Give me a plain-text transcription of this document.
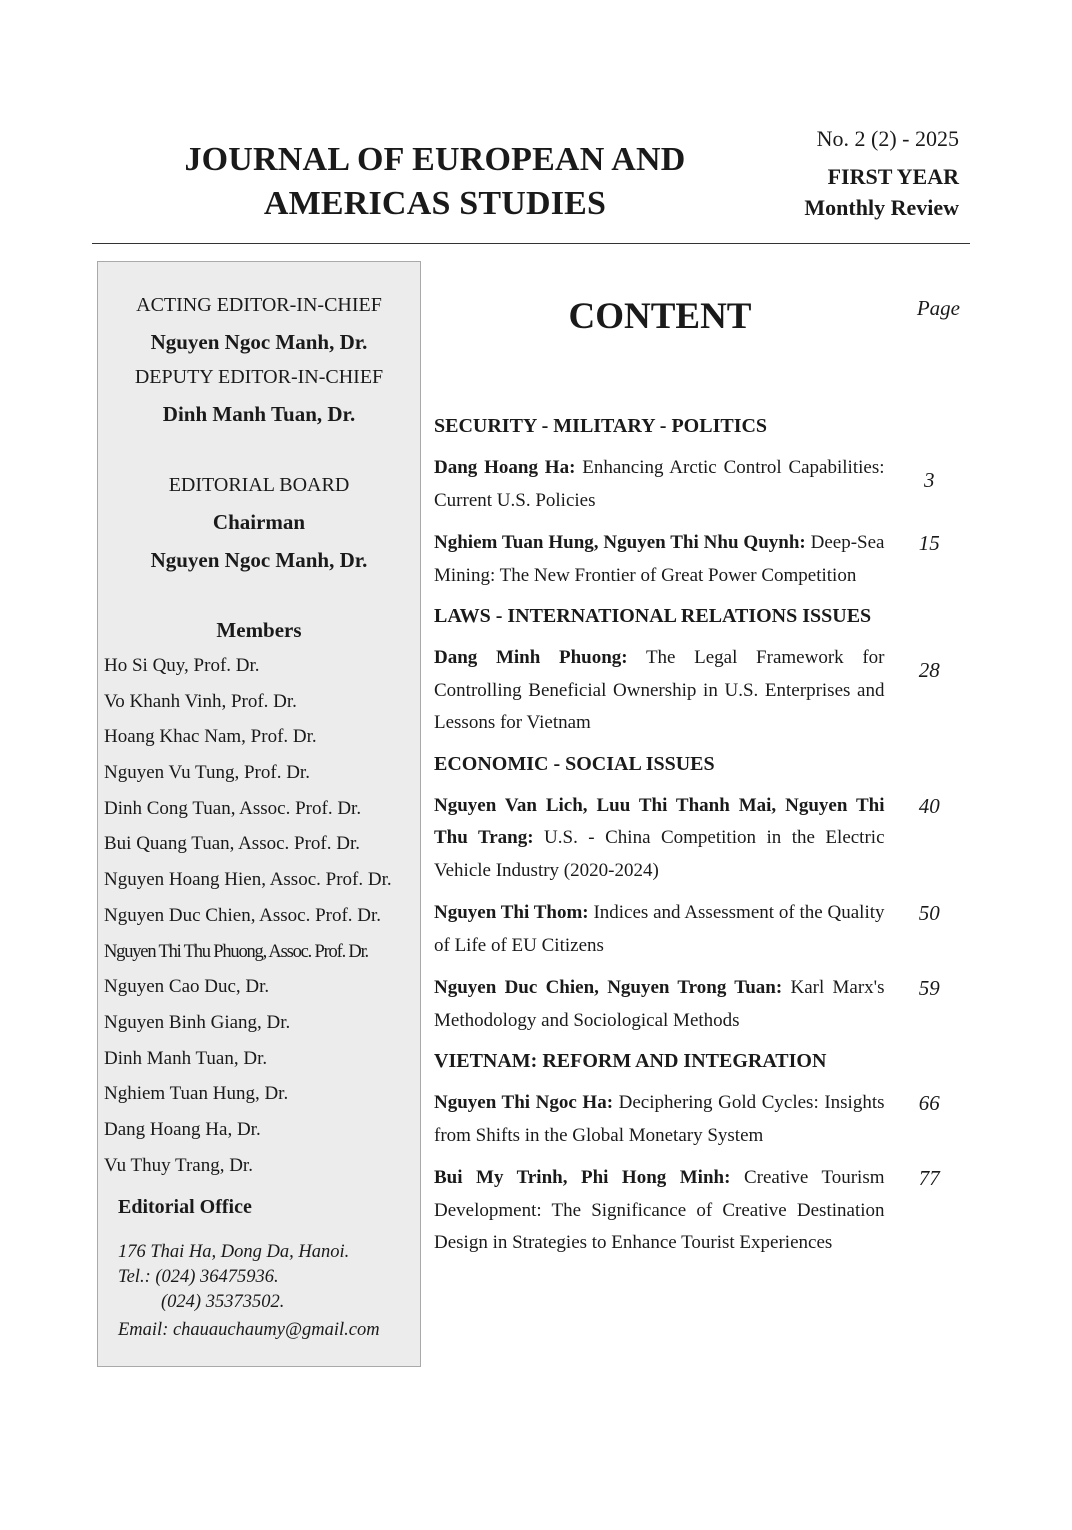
JOURNAL OF EUROPEAN AND
AMERICAS STUDIES
No. 2 (2) - 2025
FIRST YEAR
Monthly Review
ACTING EDITOR-IN-CHIEF
Nguyen Ngoc Manh, Dr.
DEPUTY EDITOR-IN-CHIEF
Dinh Manh Tuan, Dr.
EDITORIAL BOARD
Chairman
Nguyen Ngoc Manh, Dr.
Members
Ho Si Quy, Prof. Dr.
Vo Khanh Vinh, Prof. Dr.
Hoang Khac Nam, Prof. Dr.
Nguyen Vu Tung, Prof. Dr.
Dinh Cong Tuan, Assoc. Prof. Dr.
Bui Quang Tuan, Assoc. Prof. Dr.
Nguyen Hoang Hien, Assoc. Prof. Dr.
Nguyen Duc Chien, Assoc. Prof. Dr.
Nguyen Thi Thu Phuong, Assoc. Prof. Dr.
Nguyen Cao Duc, Dr.
Nguyen Binh Giang, Dr.
Dinh Manh Tuan, Dr.
Nghiem Tuan Hung, Dr.
Dang Hoang Ha, Dr.
Vu Thuy Trang, Dr.
Editorial Office
176 Thai Ha, Dong Da, Hanoi.
Tel.: (024) 36475936.
(024) 35373502.
Email: chauauchaumy@gmail.com
CONTENT	Page
SECURITY - MILITARY - POLITICS
Dang Hoang Ha: Enhancing Arctic Control Capabilities: Current U.S. Policies
3
Nghiem Tuan Hung, Nguyen Thi Nhu Quynh: Deep-Sea Mining: The New Frontier of Great Power Competition
15
LAWS - INTERNATIONAL RELATIONS ISSUES
Dang Minh Phuong: The Legal Framework for Controlling Beneficial Ownership in U.S. Enterprises and Lessons for Vietnam
28
ECONOMIC - SOCIAL ISSUES
Nguyen Van Lich, Luu Thi Thanh Mai, Nguyen Thi Thu Trang: U.S. - China Competition in the Electric Vehicle Industry (2020-2024)
40
Nguyen Thi Thom: Indices and Assessment of the Quality of Life of EU Citizens
50
Nguyen Duc Chien, Nguyen Trong Tuan: Karl Marx's Methodology and Sociological Methods
59
VIETNAM: REFORM AND INTEGRATION
Nguyen Thi Ngoc Ha: Deciphering Gold Cycles: Insights from Shifts in the Global Monetary System
66
Bui My Trinh, Phi Hong Minh: Creative Tourism Development: The Significance of Creative Destination Design in Strategies to Enhance Tourist Experiences
77
